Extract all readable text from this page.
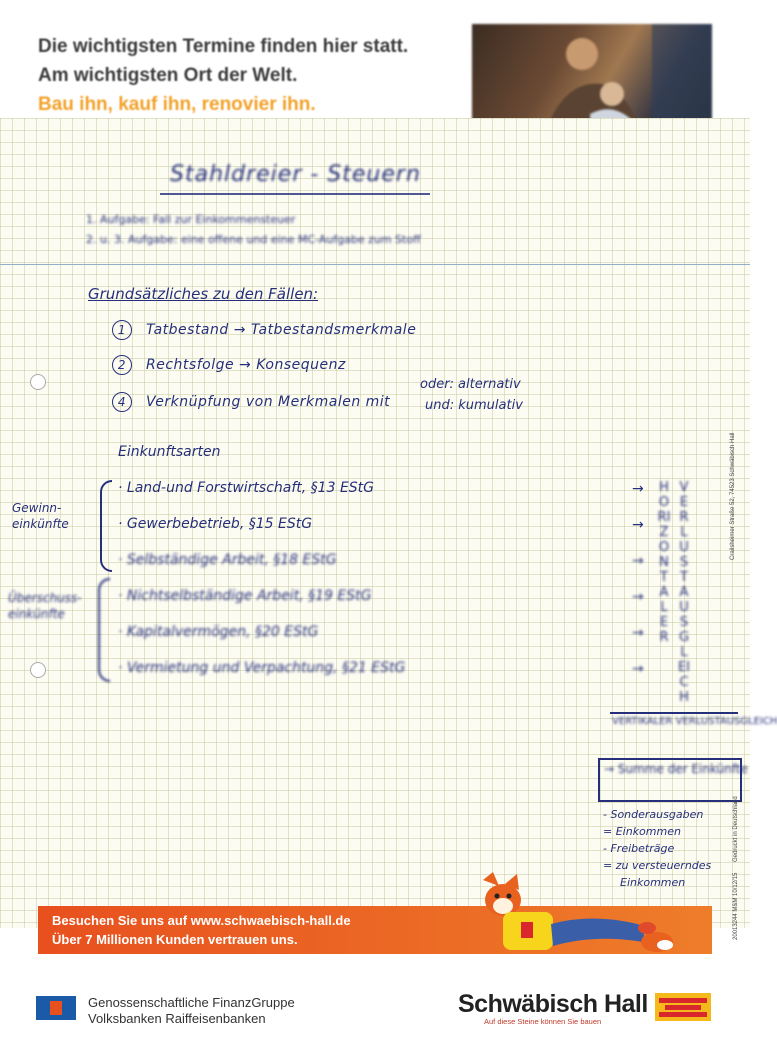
Die wichtigsten Termine finden hier statt.
Am wichtigsten Ort der Welt.
Bau ihn, kauf ihn, renovier ihn.
Stahldreier - Steuern
1. Aufgabe: Fall zur Einkommensteuer
2. u. 3. Aufgabe: eine offene und eine MC-Aufgabe zum Stoff
Grundsätzliches zu den Fällen:
1 Tatbestand → Tatbestandsmerkmale
2 Rechtsfolge → Konsequenz
4 Verknüpfung von Merkmalen mit
oder: alternativ
und: kumulativ
Einkunftsarten
Gewinn-einkünfte
Überschuss-einkünfte
· Land-und Forstwirtschaft, §13 EStG
· Gewerbebetrieb, §15 EStG
· Selbständige Arbeit, §18 EStG
· Nichtselbständige Arbeit, §19 EStG
· Kapitalvermögen, §20 EStG
· Vermietung und Verpachtung, §21 EStG
→
→
→
→
→
→
HORIZONTALER
VERLUSTAUSGLEICH
VERTIKALER VERLUSTAUSGLEICH
→ Summe der Einkünfte
- Sonderausgaben
= Einkommen
- Freibeträge
= zu versteuerndes
Einkommen
Crailsheimer Straße 52, 74523 Schwäbisch Hall
Gedruckt in Deutschland
20013244 M&M 10/12/15
Besuchen Sie uns auf www.schwaebisch-hall.de
Über 7 Millionen Kunden vertrauen uns.
Genossenschaftliche FinanzGruppe
Volksbanken Raiffeisenbanken
Schwäbisch Hall
Auf diese Steine können Sie bauen
